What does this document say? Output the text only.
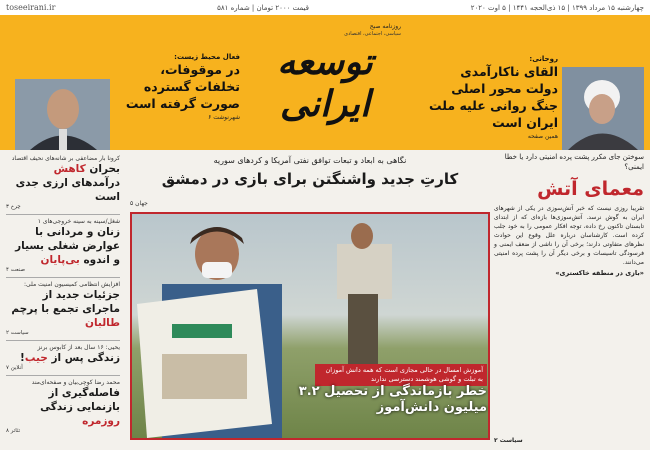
toseeirani.ir	قیمت ۲۰۰۰ تومان | شماره ۵۸۱	چهارشنبه ۱۵ مرداد ۱۳۹۹ | ۱۵ ذی‌الحجه ۱۴۴۱ | ۵ اوت ۲۰۲۰
روزنامه صبح
سیاسی، اجتماعی، اقتصادی
توسعه ایرانی
فعال محیط زیست:
در موقوفات، تخلفات گسترده صورت گرفته است
شهرنوشت ۶
روحانی:
القای ناکارآمدی دولت محور اصلی جنگ روانی علیه ملت ایران است
همین صفحه
کرونا بار مضاعفی بر شانه‌های نحیف اقتصاد
بحران کاهش درآمدهای ارزی جدی است
چرخ ۳
شغل/سینه به سینه خروجی‌های ۱
زنان و مردانی با عوارض شغلی بسیار و اندوه بی‌پایان
صنعت ۴
افزایش انتظامی کمیسیون امنیت ملی:
جزئیات جدید از ماجرای تجمع با پرچم طالبان
سیاست ۲
یحیی: ۱۶ سال بعد از کابوس برنز
زندگی پس از جیب!
آنلاین ۷
محمد رضا کوچی‌بیان و صفحه‌ای‌مند
فاصله‌گیری از بازنمایی زندگی روزمره
تئاتر ۸
نگاهی به ابعاد و تبعات توافق نفتی آمریکا و کردهای سوریه
کارتِ جدید واشنگتن برای بازی در دمشق
جهان ۵
آموزش امسال در حالی مجازی است که همه دانش آموزان به تبلت و گوشی هوشمند دسترسی ندارند
خطر بازماندگی از تحصیل ۳.۲ میلیون دانش‌آموز
سوختن جای مکرر پشت پرده امنیتی دارد یا خطا ایمنی؟
معمای آتش
تقریبا روزی نیست که خبر آتش‌سوزی در یکی از شهرهای ایران به گوش نرسد. آتش‌سوزی‌ها بازه‌ای که از ابتدای تابستان تاکنون رخ داده، توجه افکار عمومی را به خود جلب کرده است. کارشناسان درباره علل وقوع این حوادث نظرهای متفاوتی دارند؛ برخی آن را ناشی از ضعف ایمنی و فرسودگی تاسیسات و برخی دیگر آن را پشت پرده امنیتی می‌دانند.
«بازی در منطقه خاکستری»
سیاست ۲
